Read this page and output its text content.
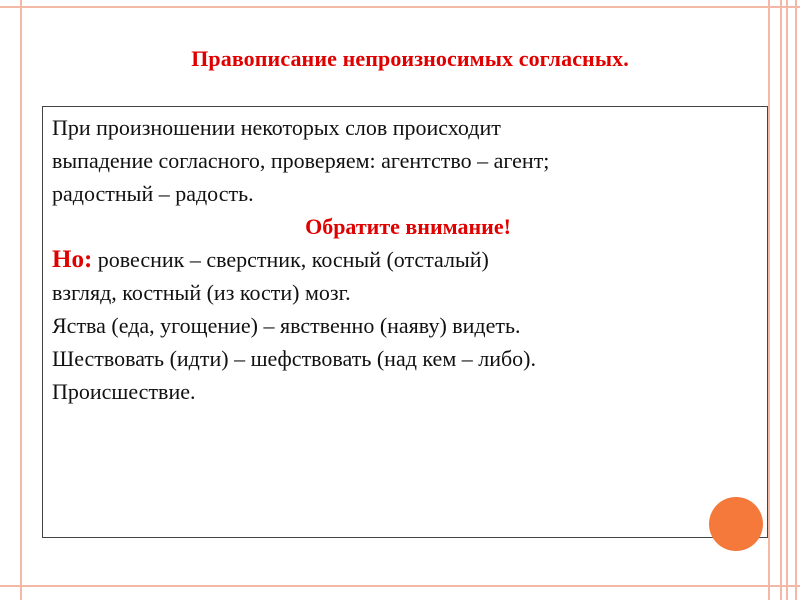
Правописание непроизносимых согласных.
При произношении некоторых слов происходит
выпадение согласного, проверяем: агентство – агент;
радостный – радость.
Обратите внимание!
Но: ровесник – сверстник, косный (отсталый)
взгляд, костный (из кости) мозг.
Яства (еда, угощение) – явственно (наяву) видеть.
Шествовать (идти) – шефствовать (над кем – либо).
Происшествие.
